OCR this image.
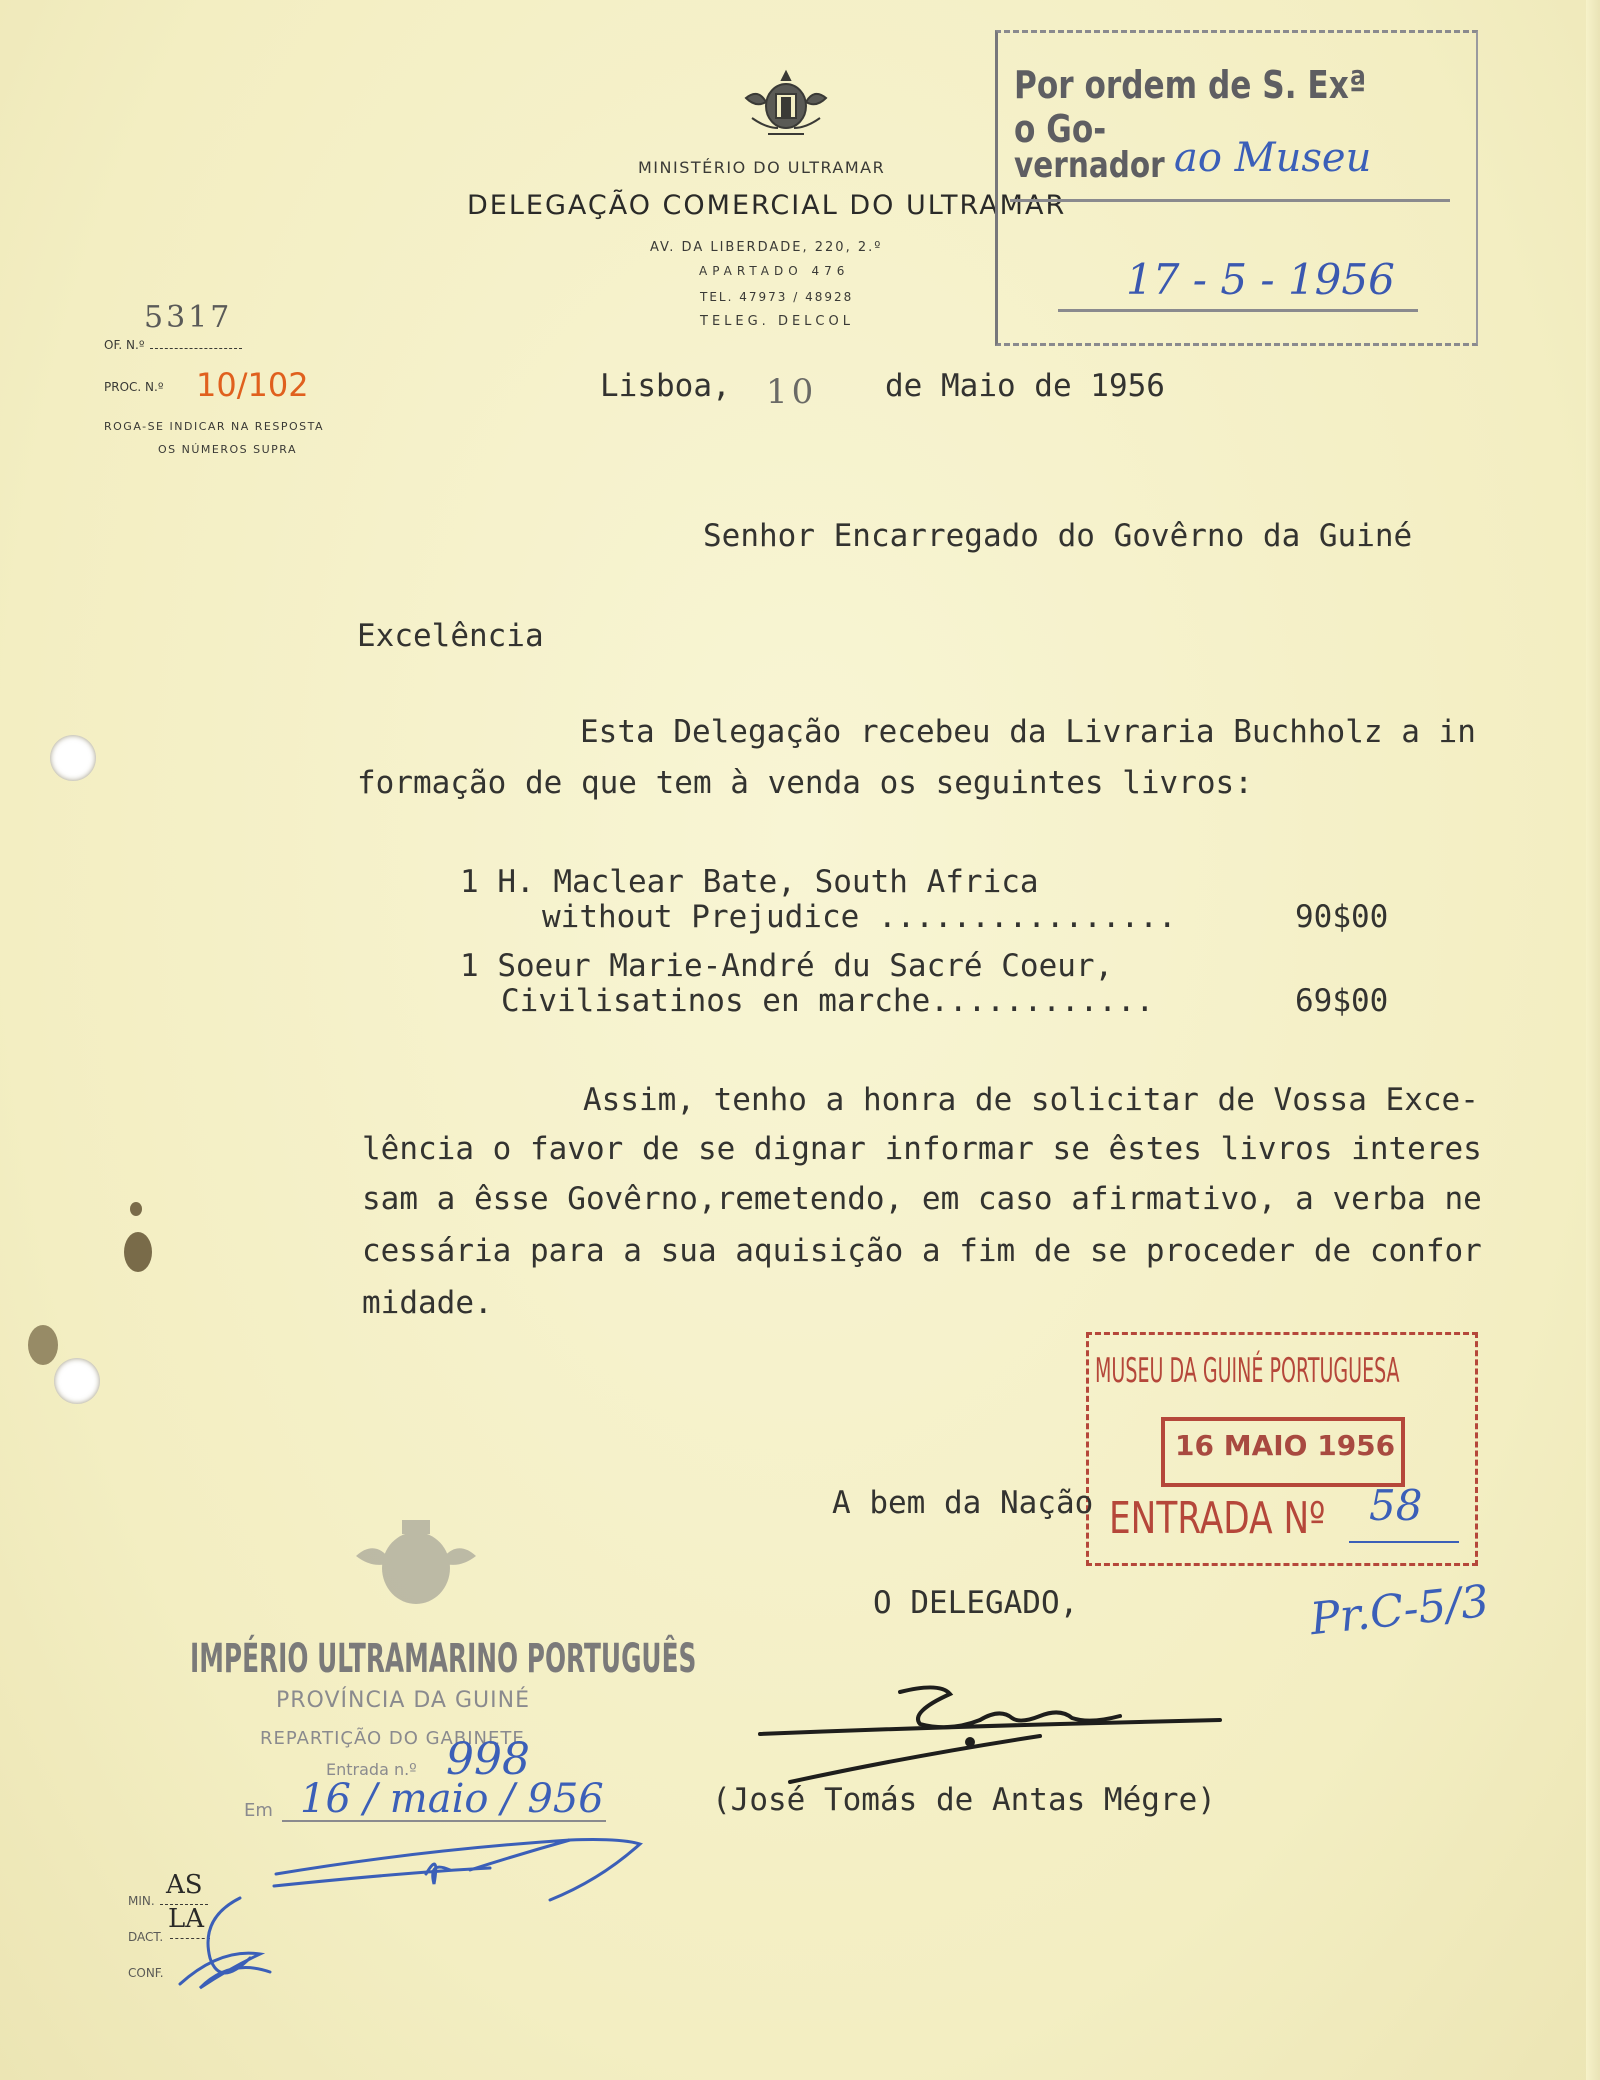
MINISTÉRIO DO ULTRAMAR
DELEGAÇÃO COMERCIAL DO ULTRAMAR
AV. DA LIBERDADE, 220, 2.º
APARTADO 476
TEL. 47973 / 48928
TELEG. DELCOL
5317
OF. N.º
PROC. N.º 10/102
ROGA-SE INDICAR NA RESPOSTA
OS NÚMEROS SUPRA
Por ordem de S. Exª o Go-
vernador ao Museu
17 - 5 - 1956
Lisboa, 10 de Maio de 1956
Senhor Encarregado do Govêrno da Guiné
Excelência
Esta Delegação recebeu da Livraria Buchholz a in
formação de que tem à venda os seguintes livros:
1 H. Maclear Bate, South Africa
without Prejudice ................	90$00
1 Soeur Marie-André du Sacré Coeur,
Civilisatinos en marche............	69$00
Assim, tenho a honra de solicitar de Vossa Exce-
lência o favor de se dignar informar se êstes livros interes
sam a êsse Govêrno,remetendo, em caso afirmativo, a verba ne
cessária para a sua aquisição a fim de se proceder de confor
midade.
MUSEU DA GUINÉ PORTUGUESA
16 MAIO 1956
ENTRADA Nº 58
Pr.C-5/3
A bem da Nação
O DELEGADO,
(José Tomás de Antas Mégre)
IMPÉRIO ULTRAMARINO PORTUGUÊS
PROVÍNCIA DA GUINÉ
REPARTIÇÃO DO GABINETE
Entrada n.º 998
Em 16 / maio / 956
MIN.
AS
DACT.
LA
CONF.
